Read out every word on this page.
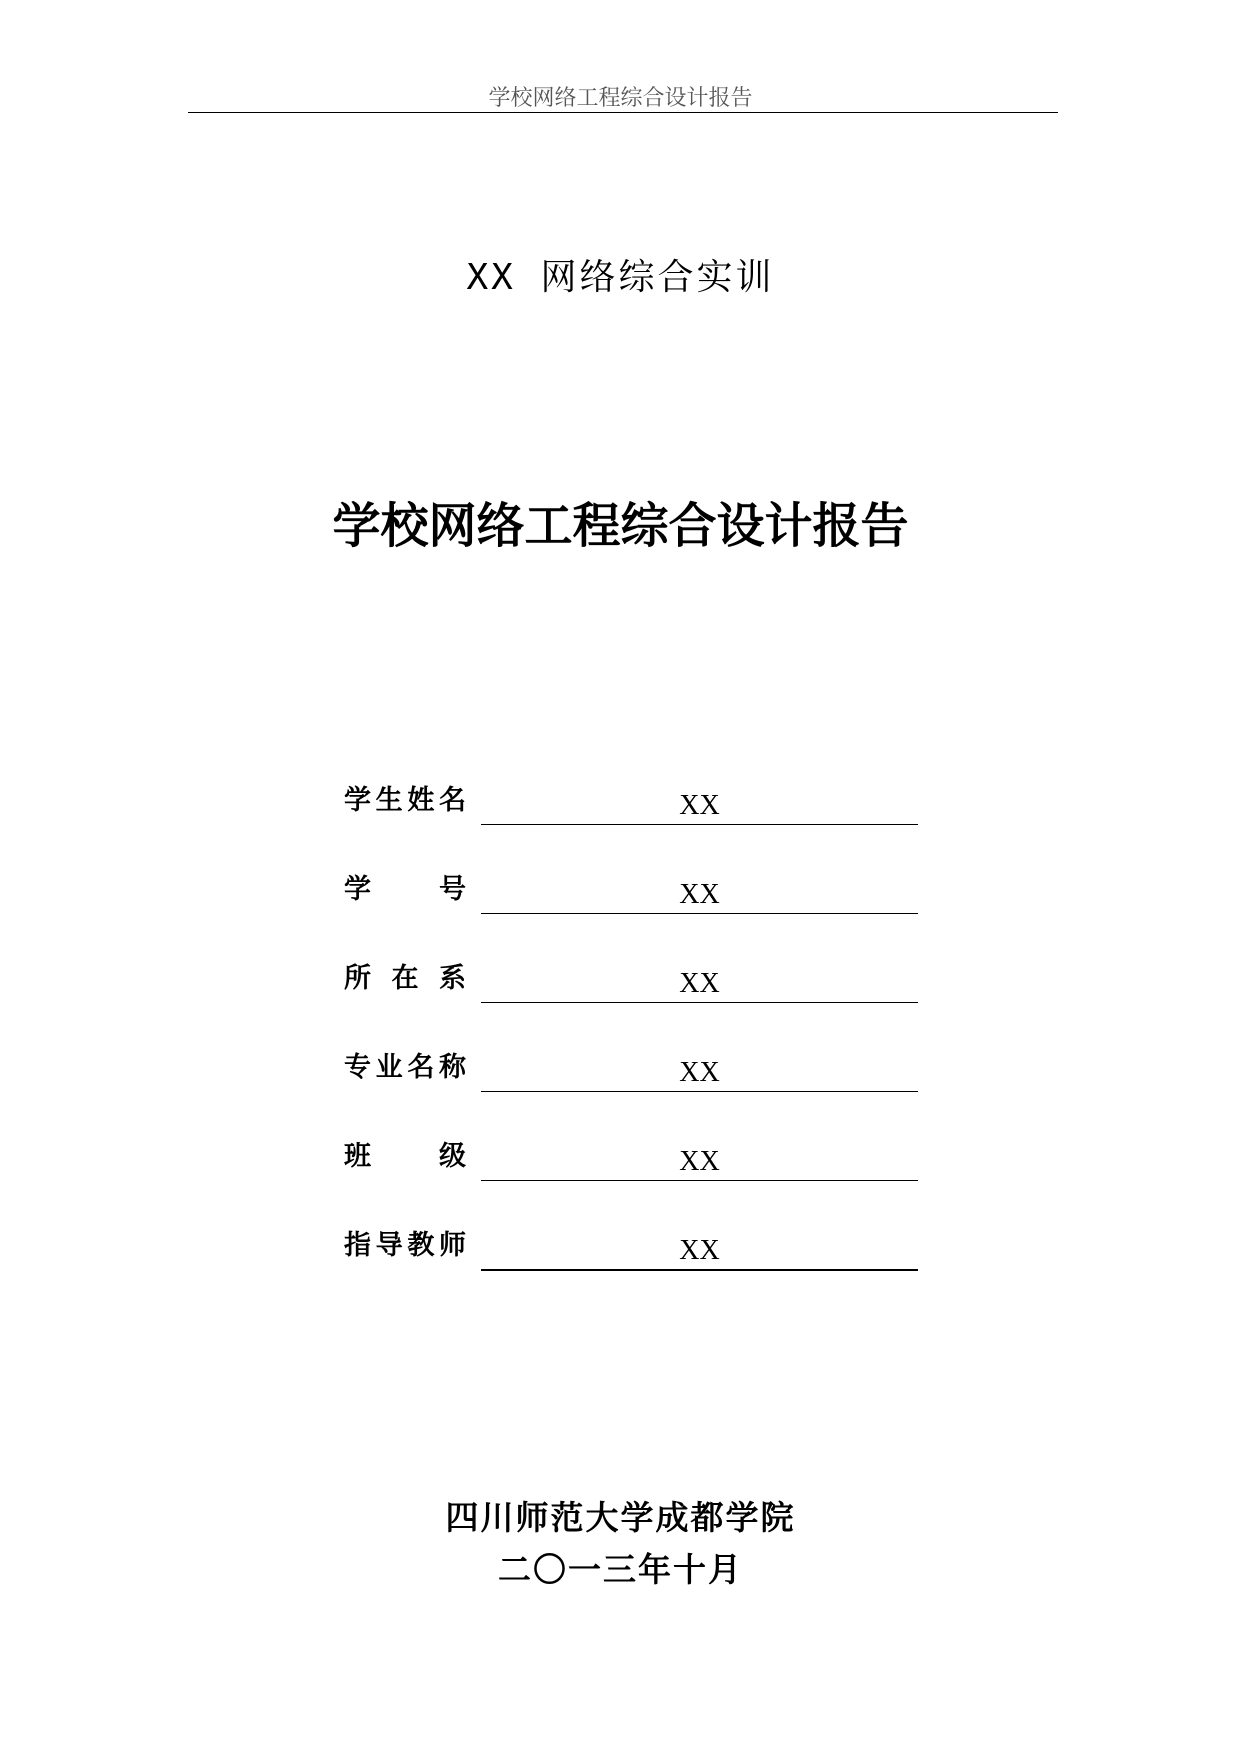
学校网络工程综合设计报告
XX 网络综合实训
学校网络工程综合设计报告
学 生 姓 名	XX
学	号	XX
所 在 系	XX
专 业 名 称	XX
班	级	XX
指 导 教 师	XX
四川师范大学成都学院
二〇一三年十月
